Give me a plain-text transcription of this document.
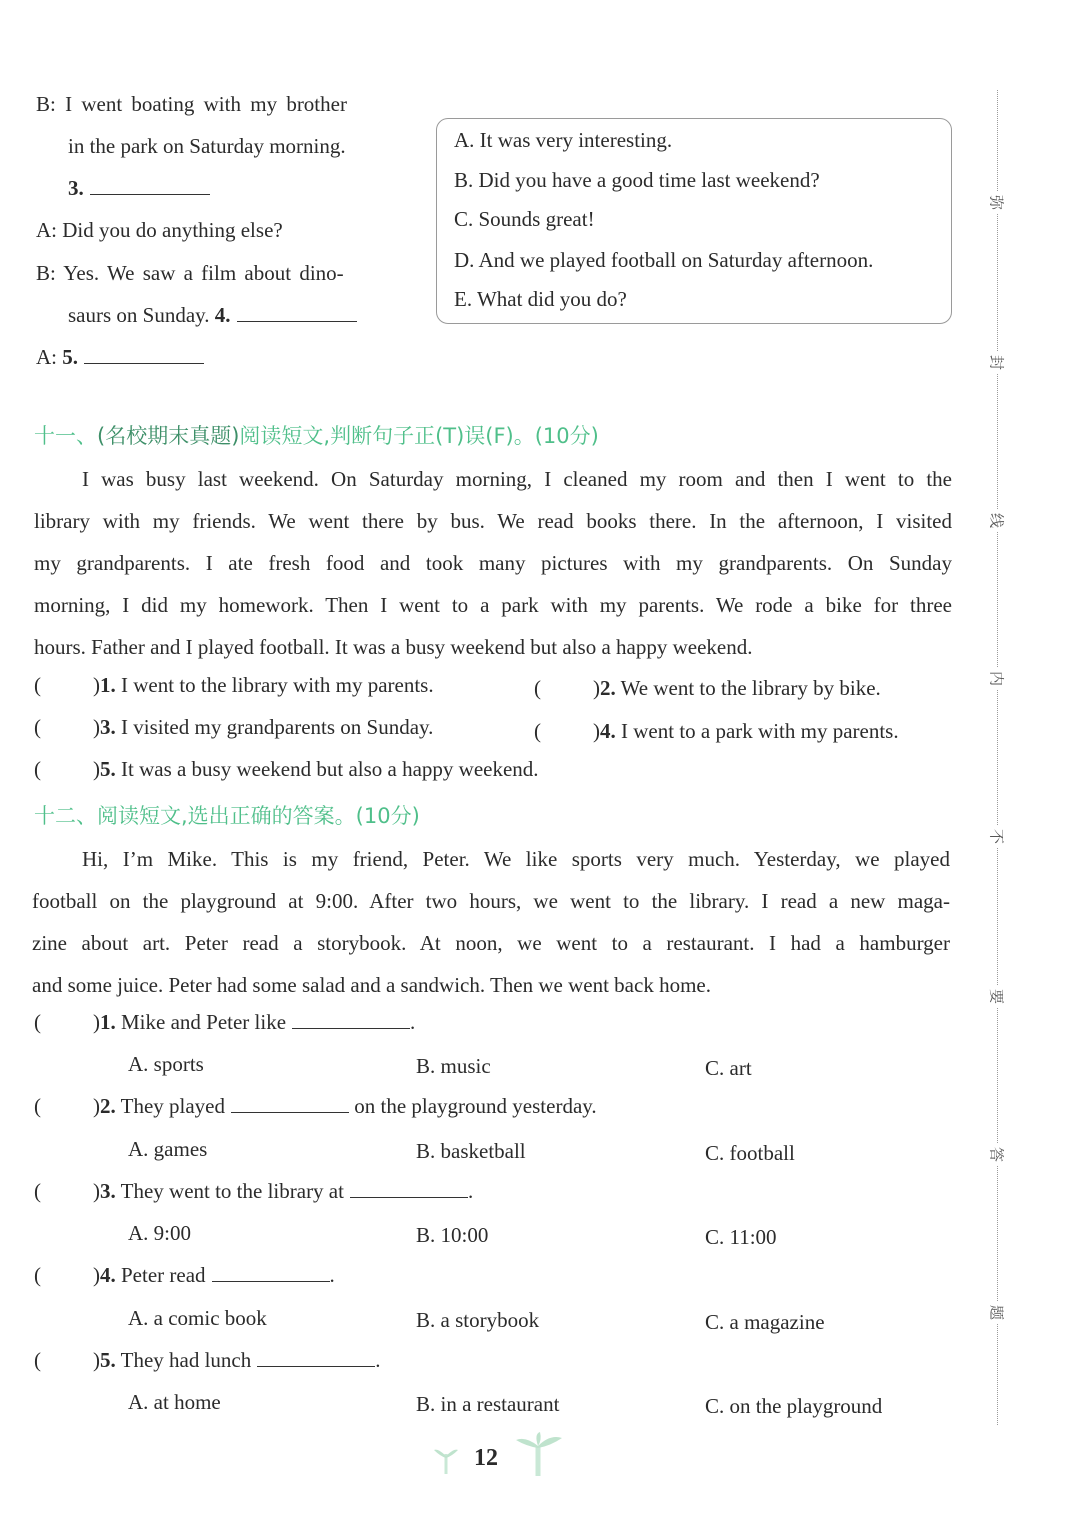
B: I went boating with my brother
in the park on Saturday morning.
3.
A: Did you do anything else?
B: Yes. We saw a film about dino-
saurs on Sunday. 4.
A: 5.
A. It was very interesting.
B. Did you have a good time last weekend?
C. Sounds great!
D. And we played football on Saturday afternoon.
E. What did you do?
十一、(名校期末真题)阅读短文,判断句子正(T)误(F)。(10分)
I was busy last weekend. On Saturday morning, I cleaned my room and then I went to the
library with my friends. We went there by bus. We read books there. In the afternoon, I visited
my grandparents. I ate fresh food and took many pictures with my grandparents. On Sunday
morning, I did my homework. Then I went to a park with my parents. We rode a bike for three
hours. Father and I played football. It was a busy weekend but also a happy weekend.
( )1. I went to the library with my parents.	( )2. We went to the library by bike.
( )3. I visited my grandparents on Sunday.	( )4. I went to a park with my parents.
( )5. It was a busy weekend but also a happy weekend.
十二、阅读短文,选出正确的答案。(10分)
Hi, I’m Mike. This is my friend, Peter. We like sports very much. Yesterday, we played
football on the playground at 9:00. After two hours, we went to the library. I read a new maga-
zine about art. Peter read a storybook. At noon, we went to a restaurant. I had a hamburger
and some juice. Peter had some salad and a sandwich. Then we went back home.
( )1. Mike and Peter like	.
A. sports	B. music	C. art
( )2. They played	on the playground yesterday.
A. games	B. basketball	C. football
( )3. They went to the library at	.
A. 9:00	B. 10:00	C. 11:00
( )4. Peter read	.
A. a comic book	B. a storybook	C. a magazine
( )5. They had lunch	.
A. at home	B. in a restaurant	C. on the playground
弥
封
线
内
不
要
答
题
12
